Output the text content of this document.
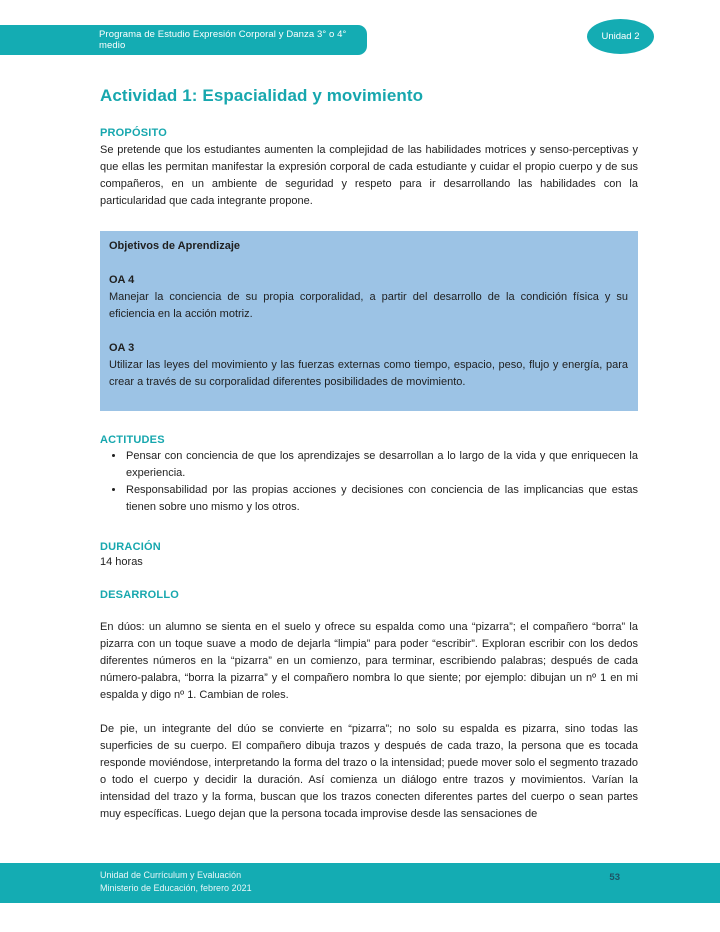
Programa de Estudio Expresión Corporal y Danza 3° o 4° medio
Unidad 2
Actividad 1: Espacialidad y movimiento
PROPÓSITO

Se pretende que los estudiantes aumenten la complejidad de las habilidades motrices y senso-perceptivas y que ellas les permitan manifestar la expresión corporal de cada estudiante y cuidar el propio cuerpo y de sus compañeros, en un ambiente de seguridad y respeto para ir desarrollando las habilidades con la particularidad que cada integrante propone.

Objetivos de Aprendizaje
OA 4
Manejar la conciencia de su propia corporalidad, a partir del desarrollo de la condición física y su eficiencia en la acción motriz.
OA 3
Utilizar las leyes del movimiento y las fuerzas externas como tiempo, espacio, peso, flujo y energía, para crear a través de su corporalidad diferentes posibilidades de movimiento.
ACTITUDES
• Pensar con conciencia de que los aprendizajes se desarrollan a lo largo de la vida y que enriquecen la experiencia.
• Responsabilidad por las propias acciones y decisiones con conciencia de las implicancias que estas tienen sobre uno mismo y los otros.
DURACIÓN
14 horas
DESARROLLO

En dúos: un alumno se sienta en el suelo y ofrece su espalda como una “pizarra”; el compañero “borra” la pizarra con un toque suave a modo de dejarla “limpia” para poder “escribir”. Exploran escribir con los dedos diferentes números en la “pizarra” en un comienzo, para terminar, escribiendo palabras; después de cada número-palabra, “borra la pizarra” y el compañero nombra lo que siente; por ejemplo: dibujan un nº 1 en mi espalda y digo nº 1. Cambian de roles.

De pie, un integrante del dúo se convierte en “pizarra”; no solo su espalda es pizarra, sino todas las superficies de su cuerpo. El compañero dibuja trazos y después de cada trazo, la persona que es tocada responde moviéndose, interpretando la forma del trazo o la intensidad; puede mover solo el segmento trazado o todo el cuerpo y decidir la duración. Así comienza un diálogo entre trazos y movimientos. Varían la intensidad del trazo y la forma, buscan que los trazos conecten diferentes partes del cuerpo o sean partes muy específicas. Luego dejan que la persona tocada improvise desde las sensaciones de

Unidad de Currículum y Evaluación
Ministerio de Educación, febrero 2021
53
